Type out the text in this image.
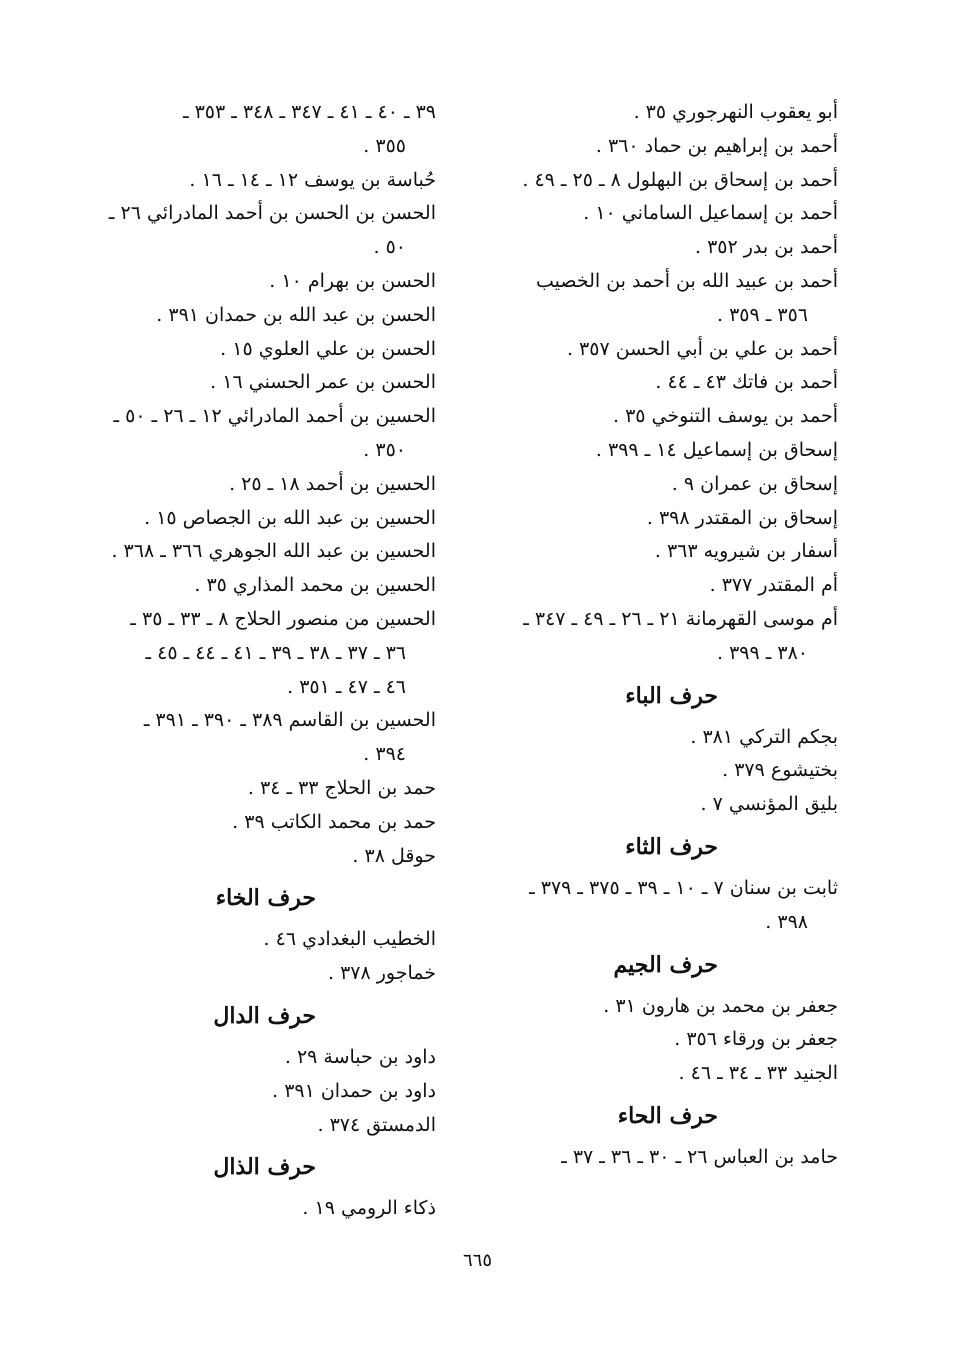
أبو يعقوب النهرجوري ٣٥ .
أحمد بن إبراهيم بن حماد ٣٦٠ .
أحمد بن إسحاق بن البهلول ٨ ـ ٢٥ ـ ٤٩ .
أحمد بن إسماعيل الساماني ١٠ .
أحمد بن بدر ٣٥٢ .
أحمد بن عبيد الله بن أحمد بن الخصيب
٣٥٦ ـ ٣٥٩ .
أحمد بن علي بن أبي الحسن ٣٥٧ .
أحمد بن فاتك ٤٣ ـ ٤٤ .
أحمد بن يوسف التنوخي ٣٥ .
إسحاق بن إسماعيل ١٤ ـ ٣٩٩ .
إسحاق بن عمران ٩ .
إسحاق بن المقتدر ٣٩٨ .
أسفار بن شيرويه ٣٦٣ .
أم المقتدر ٣٧٧ .
أم موسى القهرمانة ٢١ ـ ٢٦ ـ ٤٩ ـ ٣٤٧ ـ
٣٨٠ ـ ٣٩٩ .
حرف الباء
بجكم التركي ٣٨١ .
بختيشوع ٣٧٩ .
بليق المؤنسي ٧ .
حرف الثاء
ثابت بن سنان ٧ ـ ١٠ ـ ٣٩ ـ ٣٧٥ ـ ٣٧٩ ـ
٣٩٨ .
حرف الجيم
جعفر بن محمد بن هارون ٣١ .
جعفر بن ورقاء ٣٥٦ .
الجنيد ٣٣ ـ ٣٤ ـ ٤٦ .
حرف الحاء
حامد بن العباس ٢٦ ـ ٣٠ ـ ٣٦ ـ ٣٧ ـ
٣٩ ـ ٤٠ ـ ٤١ ـ ٣٤٧ ـ ٣٤٨ ـ ٣٥٣ ـ
٣٥٥ .
حُباسة بن يوسف ١٢ ـ ١٤ ـ ١٦ .
الحسن بن الحسن بن أحمد المادرائي ٢٦ ـ
٥٠ .
الحسن بن بهرام ١٠ .
الحسن بن عبد الله بن حمدان ٣٩١ .
الحسن بن علي العلوي ١٥ .
الحسن بن عمر الحسني ١٦ .
الحسين بن أحمد المادرائي ١٢ ـ ٢٦ ـ ٥٠ ـ
٣٥٠ .
الحسين بن أحمد ١٨ ـ ٢٥ .
الحسين بن عبد الله بن الجصاص ١٥ .
الحسين بن عبد الله الجوهري ٣٦٦ ـ ٣٦٨ .
الحسين بن محمد المذاري ٣٥ .
الحسين من منصور الحلاج ٨ ـ ٣٣ ـ ٣٥ ـ
٣٦ ـ ٣٧ ـ ٣٨ ـ ٣٩ ـ ٤١ ـ ٤٤ ـ ٤٥ ـ
٤٦ ـ ٤٧ ـ ٣٥١ .
الحسين بن القاسم ٣٨٩ ـ ٣٩٠ ـ ٣٩١ ـ
٣٩٤ .
حمد بن الحلاج ٣٣ ـ ٣٤ .
حمد بن محمد الكاتب ٣٩ .
حوقل ٣٨ .
حرف الخاء
الخطيب البغدادي ٤٦ .
خماجور ٣٧٨ .
حرف الدال
داود بن حباسة ٢٩ .
داود بن حمدان ٣٩١ .
الدمستق ٣٧٤ .
حرف الذال
ذكاء الرومي ١٩ .
٦٦٥
